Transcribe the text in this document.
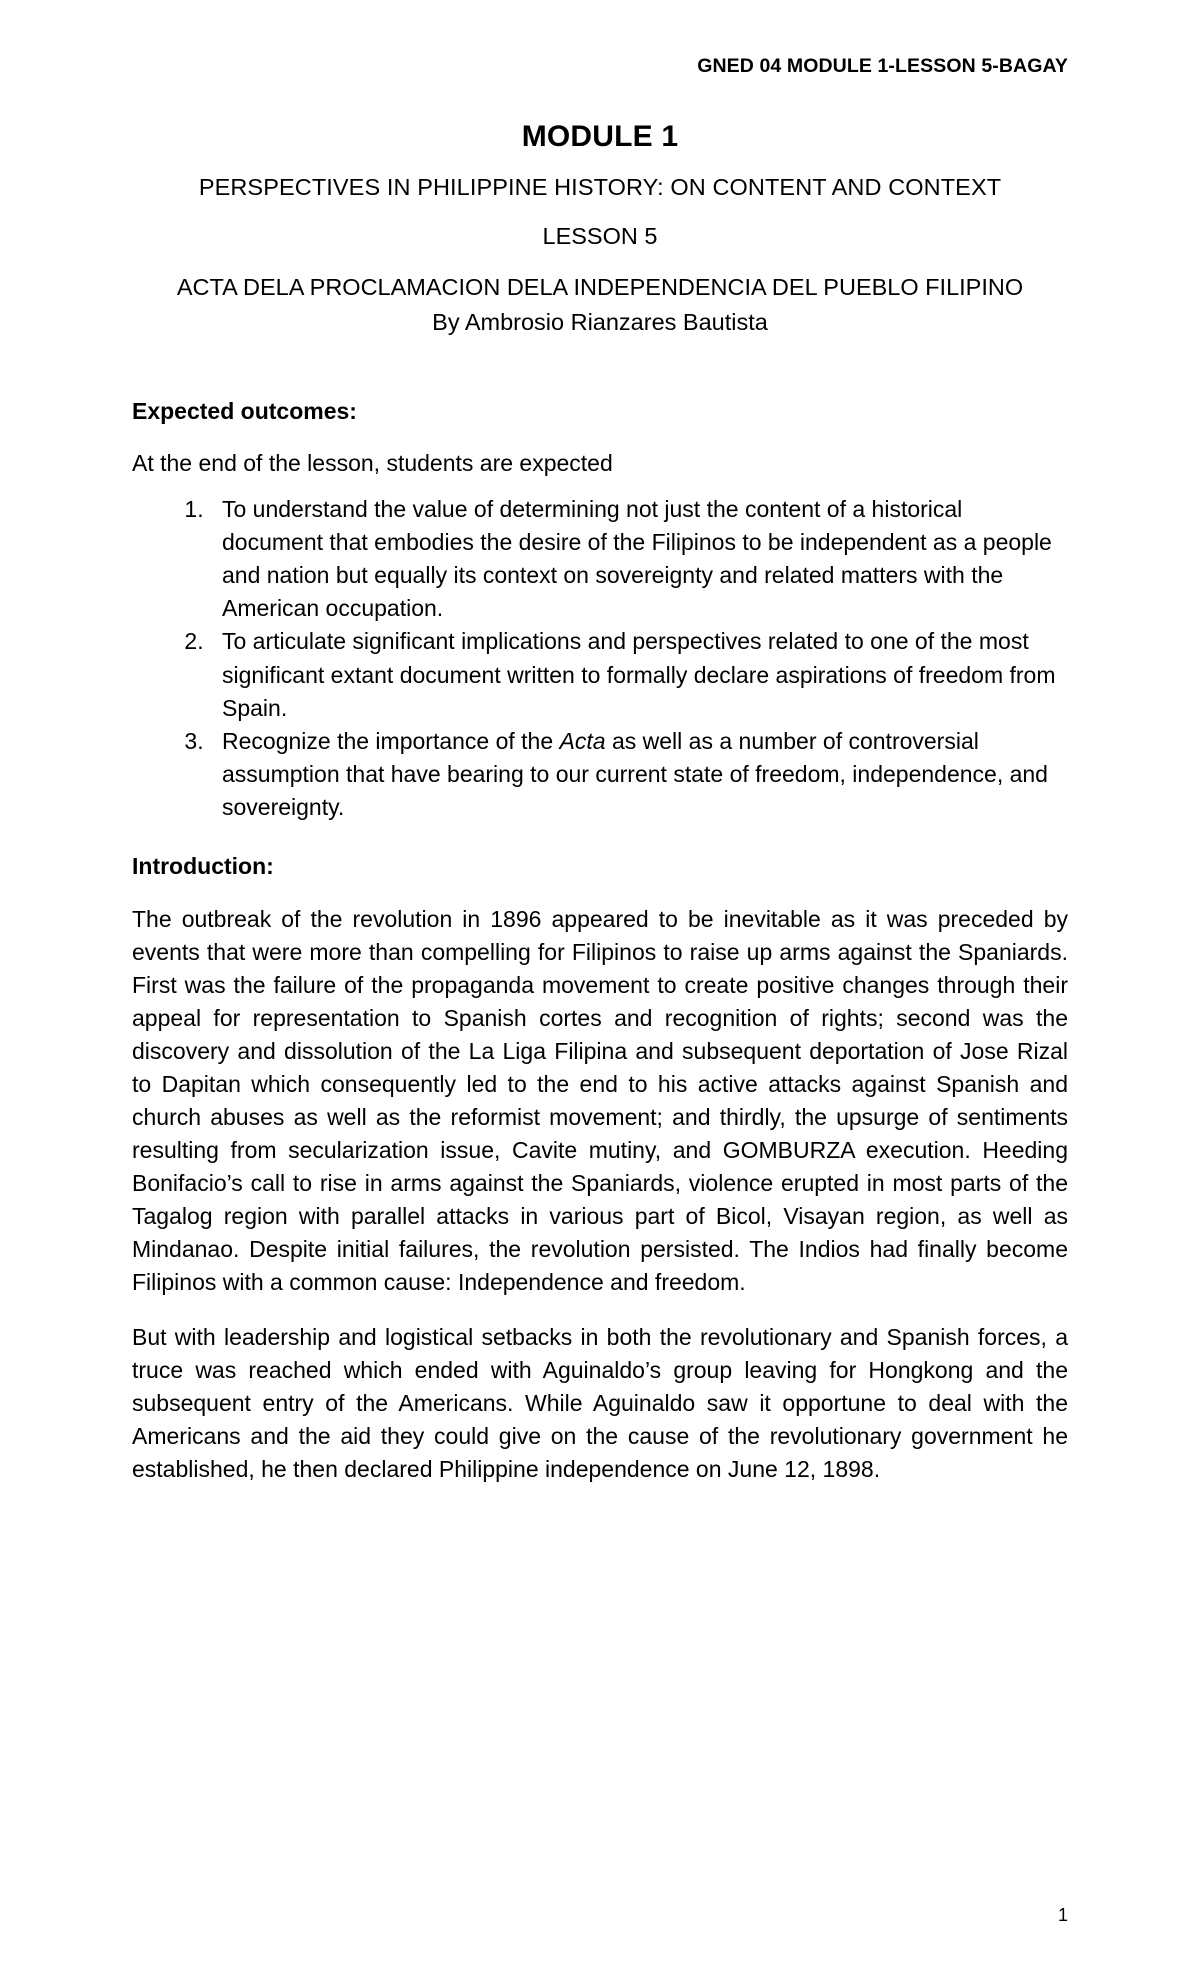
GNED 04 MODULE 1-LESSON 5-BAGAY
MODULE 1
PERSPECTIVES IN PHILIPPINE HISTORY: ON CONTENT AND CONTEXT
LESSON 5
ACTA DELA PROCLAMACION DELA INDEPENDENCIA DEL PUEBLO FILIPINO
By Ambrosio Rianzares Bautista
Expected outcomes:
At the end of the lesson, students are expected
1. To understand the value of determining not just the content of a historical document that embodies the desire of the Filipinos to be independent as a people and nation but equally its context on sovereignty and related matters with the American occupation.
2. To articulate significant implications and perspectives related to one of the most significant extant document written to formally declare aspirations of freedom from Spain.
3. Recognize the importance of the Acta as well as a number of controversial assumption that have bearing to our current state of freedom, independence, and sovereignty.
Introduction:

The outbreak of the revolution in 1896 appeared to be inevitable as it was preceded by events that were more than compelling for Filipinos to raise up arms against the Spaniards. First was the failure of the propaganda movement to create positive changes through their appeal for representation to Spanish cortes and recognition of rights; second was the discovery and dissolution of the La Liga Filipina and subsequent deportation of Jose Rizal to Dapitan which consequently led to the end to his active attacks against Spanish and church abuses as well as the reformist movement; and thirdly, the upsurge of sentiments resulting from secularization issue, Cavite mutiny, and GOMBURZA execution. Heeding Bonifacio’s call to rise in arms against the Spaniards, violence erupted in most parts of the Tagalog region with parallel attacks in various part of Bicol, Visayan region, as well as Mindanao. Despite initial failures, the revolution persisted. The Indios had finally become Filipinos with a common cause: Independence and freedom.

But with leadership and logistical setbacks in both the revolutionary and Spanish forces, a truce was reached which ended with Aguinaldo’s group leaving for Hongkong and the subsequent entry of the Americans. While Aguinaldo saw it opportune to deal with the Americans and the aid they could give on the cause of the revolutionary government he established, he then declared Philippine independence on June 12, 1898.

1
